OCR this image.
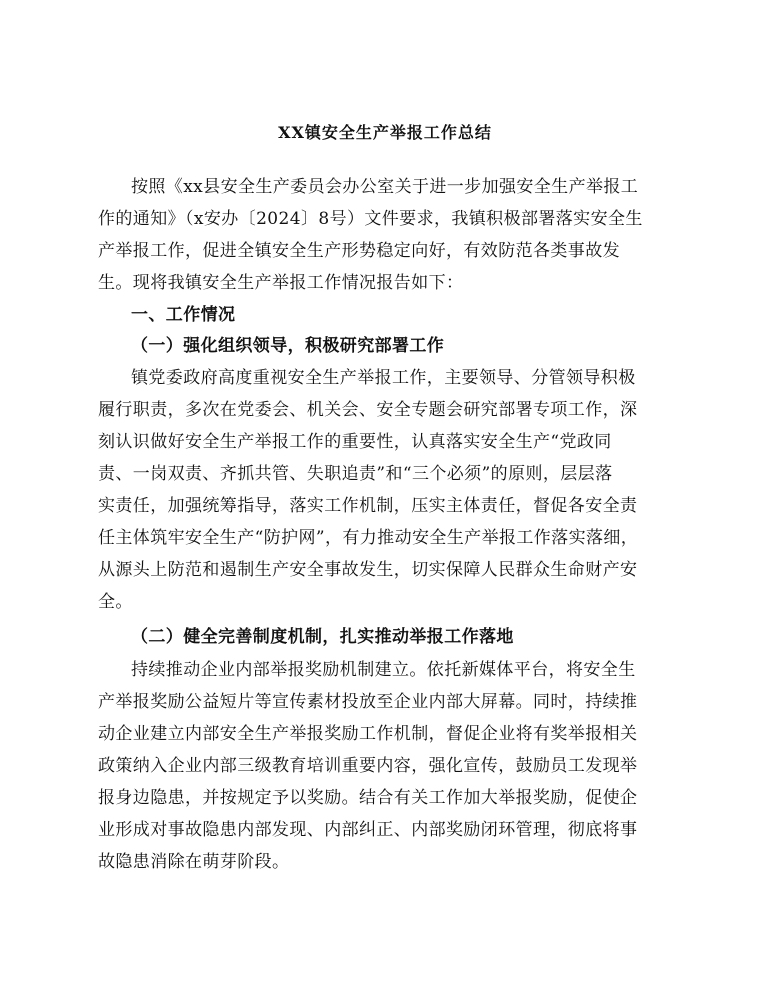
XX镇安全生产举报工作总结
按照《xx县安全生产委员会办公室关于进一步加强安全生产举报工
作的通知》（x安办〔2024〕8号）文件要求，我镇积极部署落实安全生
产举报工作，促进全镇安全生产形势稳定向好，有效防范各类事故发
生。现将我镇安全生产举报工作情况报告如下：
一、工作情况
（一）强化组织领导，积极研究部署工作
镇党委政府高度重视安全生产举报工作，主要领导、分管领导积极
履行职责，多次在党委会、机关会、安全专题会研究部署专项工作，深
刻认识做好安全生产举报工作的重要性，认真落实安全生产“党政同
责、一岗双责、齐抓共管、失职追责”和“三个必须”的原则，层层落
实责任，加强统筹指导，落实工作机制，压实主体责任，督促各安全责
任主体筑牢安全生产“防护网”，有力推动安全生产举报工作落实落细，
从源头上防范和遏制生产安全事故发生，切实保障人民群众生命财产安
全。
（二）健全完善制度机制，扎实推动举报工作落地
持续推动企业内部举报奖励机制建立。依托新媒体平台，将安全生
产举报奖励公益短片等宣传素材投放至企业内部大屏幕。同时，持续推
动企业建立内部安全生产举报奖励工作机制，督促企业将有奖举报相关
政策纳入企业内部三级教育培训重要内容，强化宣传，鼓励员工发现举
报身边隐患，并按规定予以奖励。结合有关工作加大举报奖励，促使企
业形成对事故隐患内部发现、内部纠正、内部奖励闭环管理，彻底将事
故隐患消除在萌芽阶段。
